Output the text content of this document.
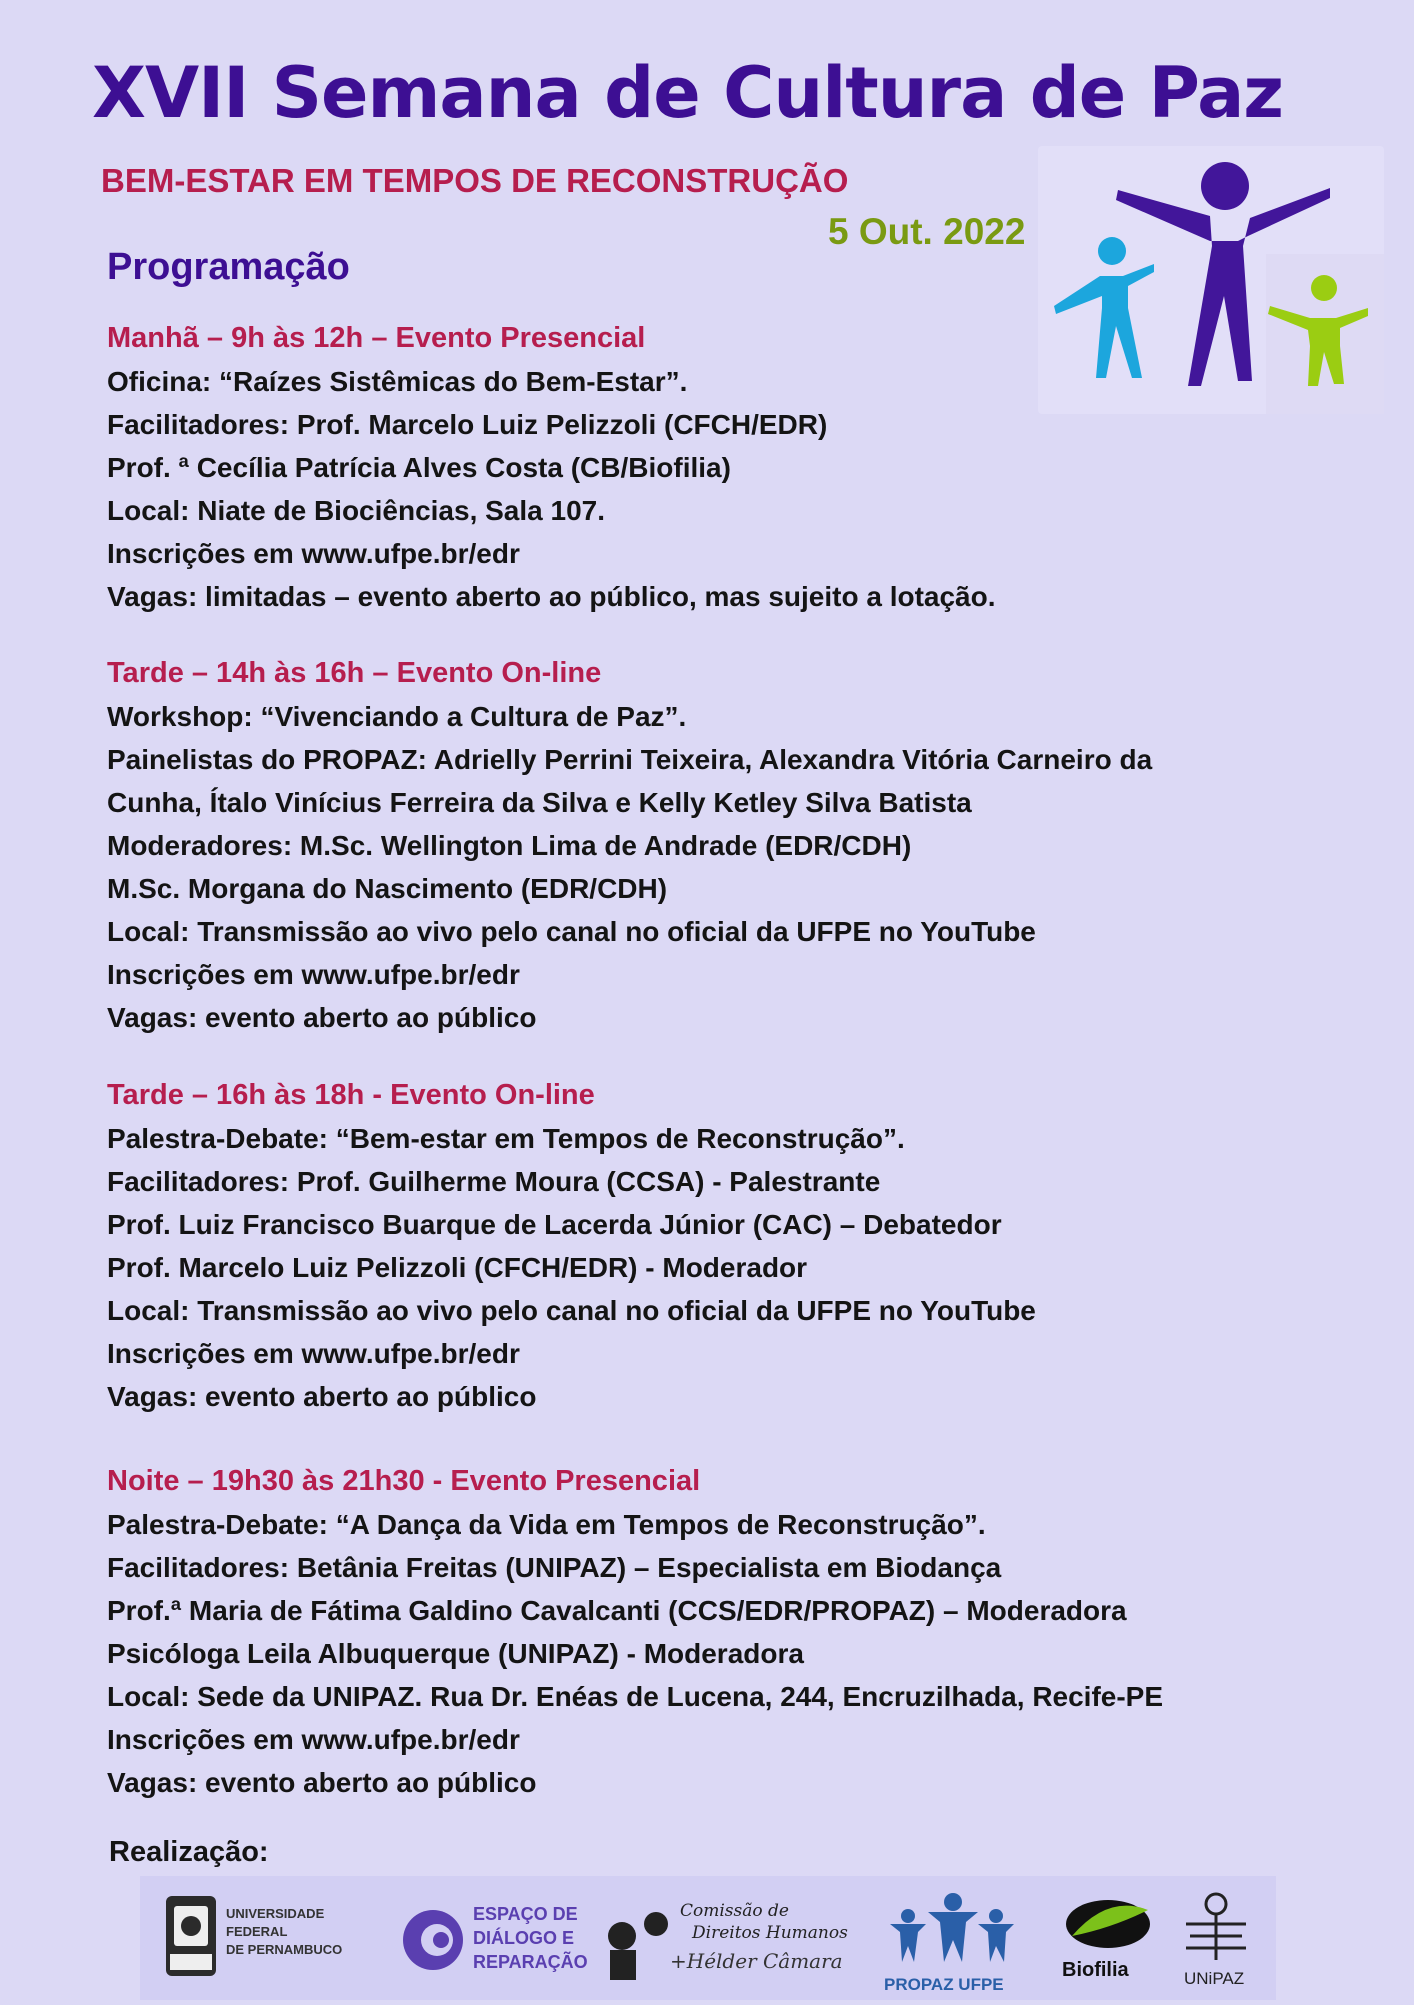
XVII Semana de Cultura de Paz
BEM-ESTAR EM TEMPOS DE RECONSTRUÇÃO
5 Out. 2022
Programação
Manhã – 9h às 12h – Evento Presencial
Oficina: “Raízes Sistêmicas do Bem-Estar”.
Facilitadores: Prof. Marcelo Luiz Pelizzoli (CFCH/EDR)
Prof. ª Cecília Patrícia Alves Costa (CB/Biofilia)
Local: Niate de Biociências, Sala 107.
Inscrições em www.ufpe.br/edr
Vagas: limitadas – evento aberto ao público, mas sujeito a lotação.
Tarde – 14h às 16h – Evento On-line
Workshop: “Vivenciando a Cultura de Paz”.
Painelistas do PROPAZ: Adrielly Perrini Teixeira, Alexandra Vitória Carneiro da
Cunha, Ítalo Vinícius Ferreira da Silva e Kelly Ketley Silva Batista
Moderadores: M.Sc. Wellington Lima de Andrade (EDR/CDH)
M.Sc. Morgana do Nascimento (EDR/CDH)
Local: Transmissão ao vivo pelo canal no oficial da UFPE no YouTube
Inscrições em www.ufpe.br/edr
Vagas: evento aberto ao público
Tarde – 16h às 18h - Evento On-line
Palestra-Debate: “Bem-estar em Tempos de Reconstrução”.
Facilitadores: Prof. Guilherme Moura (CCSA) - Palestrante
Prof. Luiz Francisco Buarque de Lacerda Júnior (CAC) – Debatedor
Prof. Marcelo Luiz Pelizzoli (CFCH/EDR) - Moderador
Local: Transmissão ao vivo pelo canal no oficial da UFPE no YouTube
Inscrições em www.ufpe.br/edr
Vagas: evento aberto ao público
Noite – 19h30 às 21h30 - Evento Presencial
Palestra-Debate: “A Dança da Vida em Tempos de Reconstrução”.
Facilitadores: Betânia Freitas (UNIPAZ) – Especialista em Biodança
Prof.ª Maria de Fátima Galdino Cavalcanti (CCS/EDR/PROPAZ) – Moderadora
Psicóloga Leila Albuquerque (UNIPAZ) - Moderadora
Local: Sede da UNIPAZ. Rua Dr. Enéas de Lucena, 244, Encruzilhada, Recife-PE
Inscrições em www.ufpe.br/edr
Vagas: evento aberto ao público
Realização:
UNIVERSIDADE
FEDERAL
DE PERNAMBUCO
ESPAÇO DE
DIÁLOGO E
REPARAÇÃO
Comissão de
Direitos Humanos
+Hélder Câmara
PROPAZ UFPE
Biofilia	UNiPAZ
